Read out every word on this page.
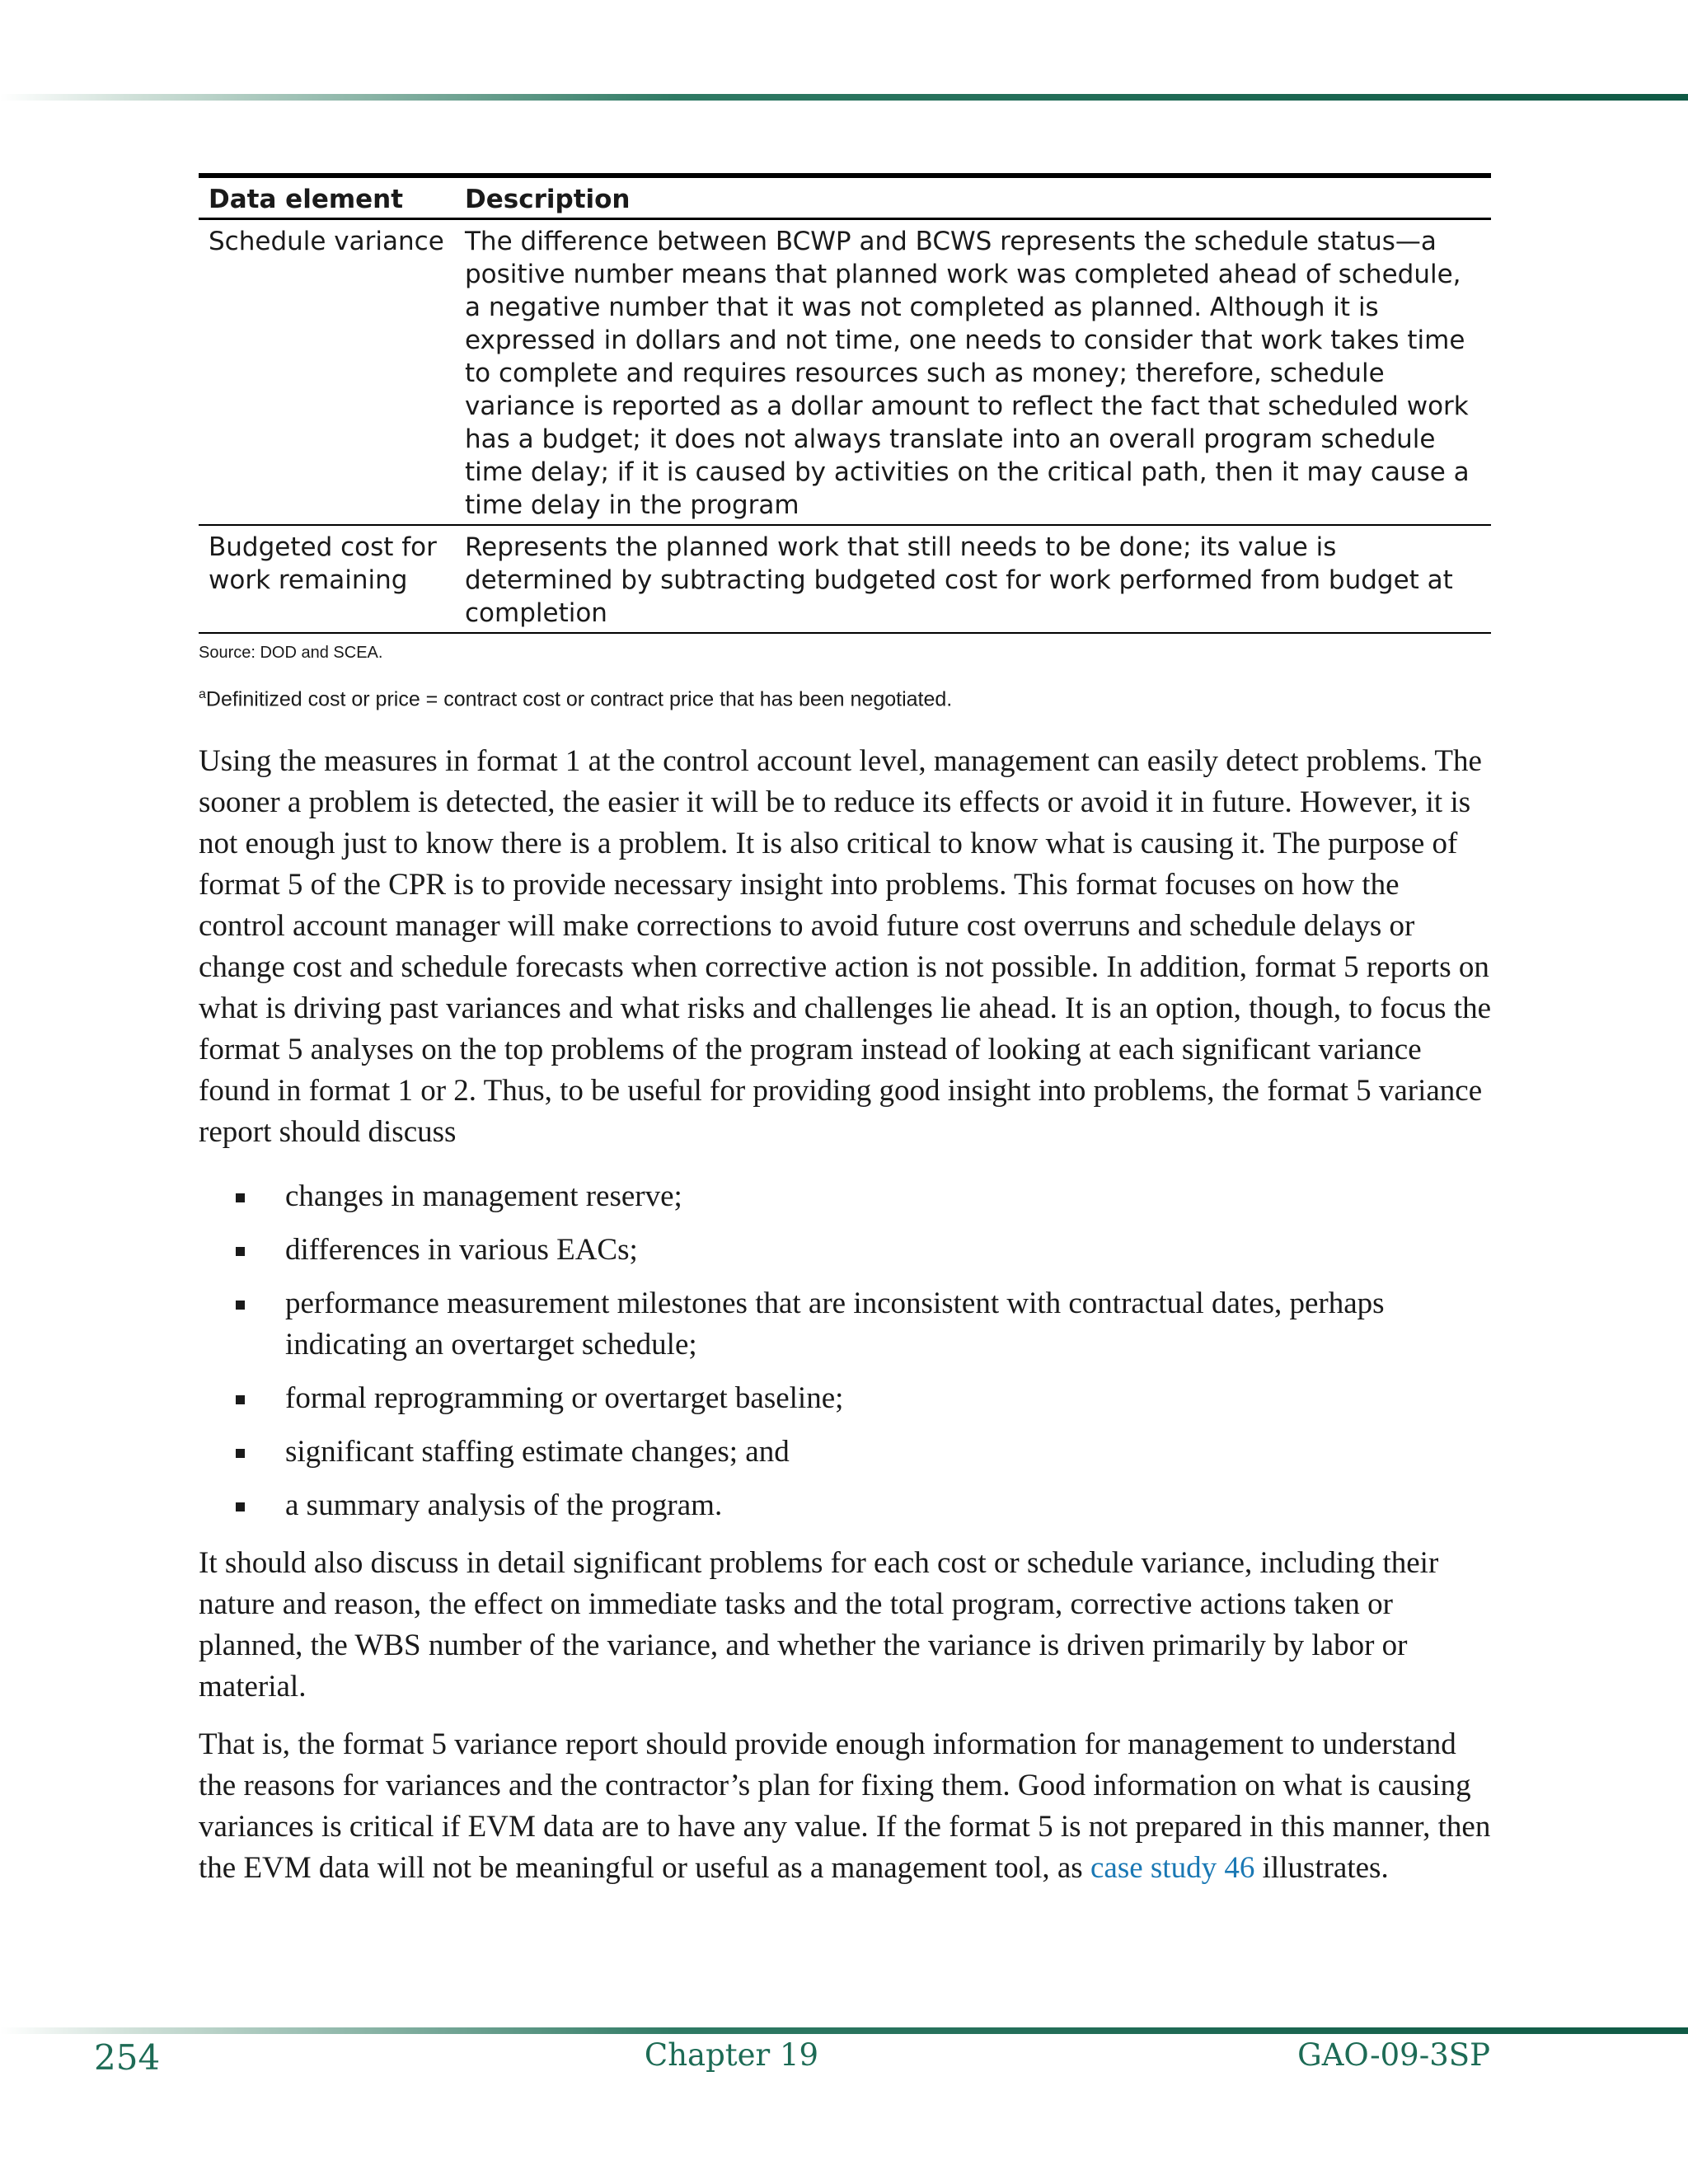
Data element	Description
Schedule variance	The difference between BCWP and BCWS represents the schedule status—a positive number means that planned work was completed ahead of schedule, a negative number that it was not completed as planned. Although it is expressed in dollars and not time, one needs to consider that work takes time to complete and requires resources such as money; therefore, schedule variance is reported as a dollar amount to reflect the fact that scheduled work has a budget; it does not always translate into an overall program schedule time delay; if it is caused by activities on the critical path, then it may cause a time delay in the program
Budgeted cost for work remaining	Represents the planned work that still needs to be done; its value is determined by subtracting budgeted cost for work performed from budget at completion
Source: DOD and SCEA.
$^a$Definitized cost or price = contract cost or contract price that has been negotiated.

Using the measures in format 1 at the control account level, management can easily detect problems. The sooner a problem is detected, the easier it will be to reduce its effects or avoid it in future. However, it is not enough just to know there is a problem. It is also critical to know what is causing it. The purpose of format 5 of the CPR is to provide necessary insight into problems. This format focuses on how the control account manager will make corrections to avoid future cost overruns and schedule delays or change cost and schedule forecasts when corrective action is not possible. In addition, format 5 reports on what is driving past variances and what risks and challenges lie ahead. It is an option, though, to focus the format 5 analyses on the top problems of the program instead of looking at each significant variance found in format 1 or 2. Thus, to be useful for providing good insight into problems, the format 5 variance report should discuss

changes in management reserve;
differences in various EACs;
performance measurement milestones that are inconsistent with contractual dates, perhaps indicating an overtarget schedule;
formal reprogramming or overtarget baseline;
significant staffing estimate changes; and
a summary analysis of the program.

It should also discuss in detail significant problems for each cost or schedule variance, including their nature and reason, the effect on immediate tasks and the total program, corrective actions taken or planned, the WBS number of the variance, and whether the variance is driven primarily by labor or material.

That is, the format 5 variance report should provide enough information for management to understand the reasons for variances and the contractor’s plan for fixing them. Good information on what is causing variances is critical if EVM data are to have any value. If the format 5 is not prepared in this manner, then the EVM data will not be meaningful or useful as a management tool, as case study 46 illustrates.

254	Chapter 19	GAO-09-3SP
